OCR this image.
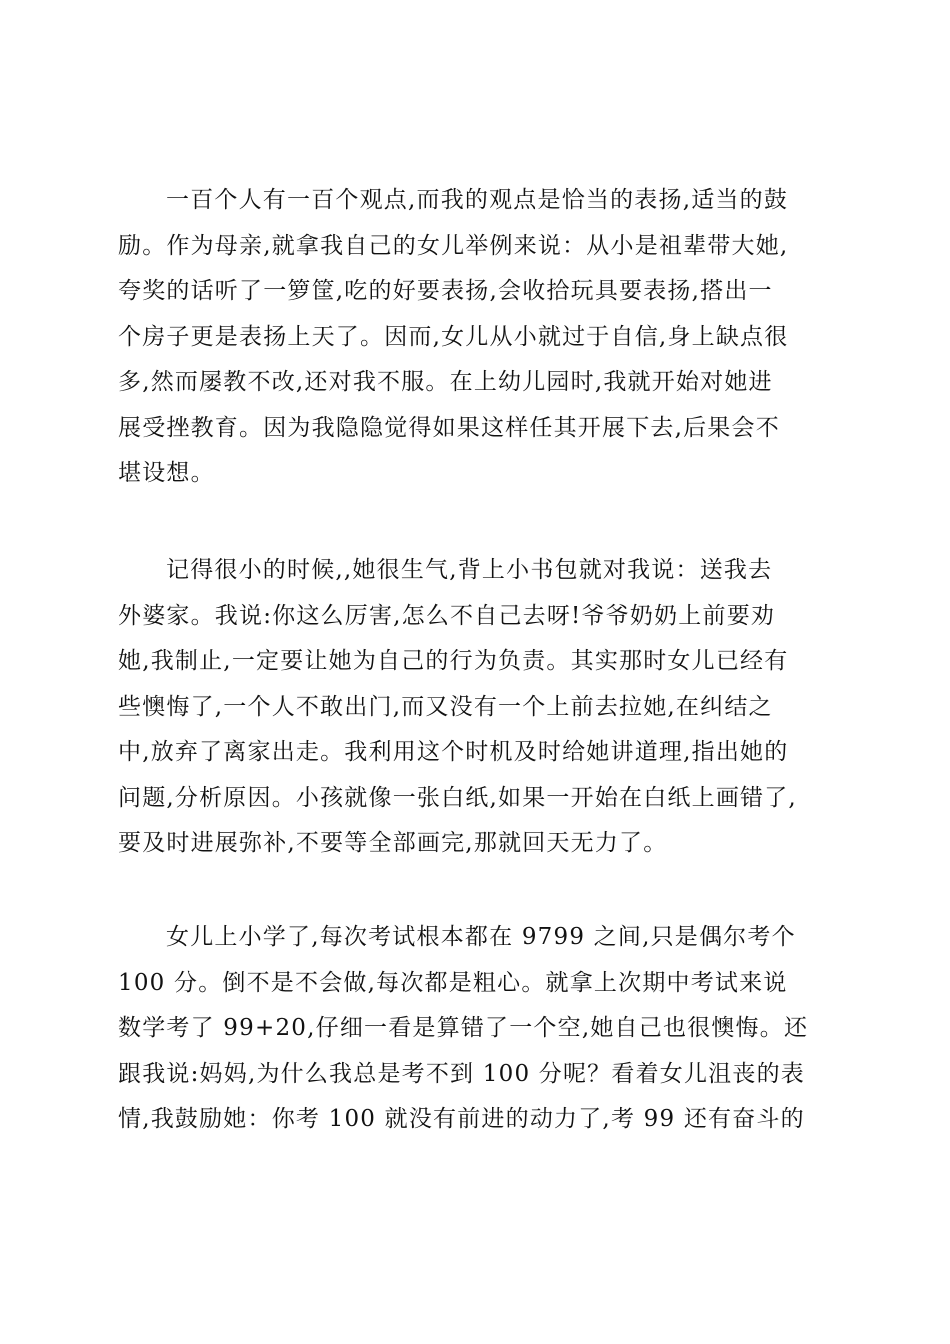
一百个人有一百个观点,而我的观点是恰当的表扬,适当的鼓
励。作为母亲,就拿我自己的女儿举例来说：从小是祖辈带大她,
夸奖的话听了一箩筐,吃的好要表扬,会收拾玩具要表扬,搭出一
个房子更是表扬上天了。因而,女儿从小就过于自信,身上缺点很
多,然而屡教不改,还对我不服。在上幼儿园时,我就开始对她进
展受挫教育。因为我隐隐觉得如果这样任其开展下去,后果会不
堪设想。
记得很小的时候,,她很生气,背上小书包就对我说：送我去
外婆家。我说:你这么厉害,怎么不自己去呀!爷爷奶奶上前要劝
她,我制止,一定要让她为自己的行为负责。其实那时女儿已经有
些懊悔了,一个人不敢出门,而又没有一个上前去拉她,在纠结之
中,放弃了离家出走。我利用这个时机及时给她讲道理,指出她的
问题,分析原因。小孩就像一张白纸,如果一开始在白纸上画错了,
要及时进展弥补,不要等全部画完,那就回天无力了。
女儿上小学了,每次考试根本都在 9799 之间,只是偶尔考个
100 分。倒不是不会做,每次都是粗心。就拿上次期中考试来说
数学考了 99+20,仔细一看是算错了一个空,她自己也很懊悔。还
跟我说:妈妈,为什么我总是考不到 100 分呢？看着女儿沮丧的表
情,我鼓励她：你考 100 就没有前进的动力了,考 99 还有奋斗的
